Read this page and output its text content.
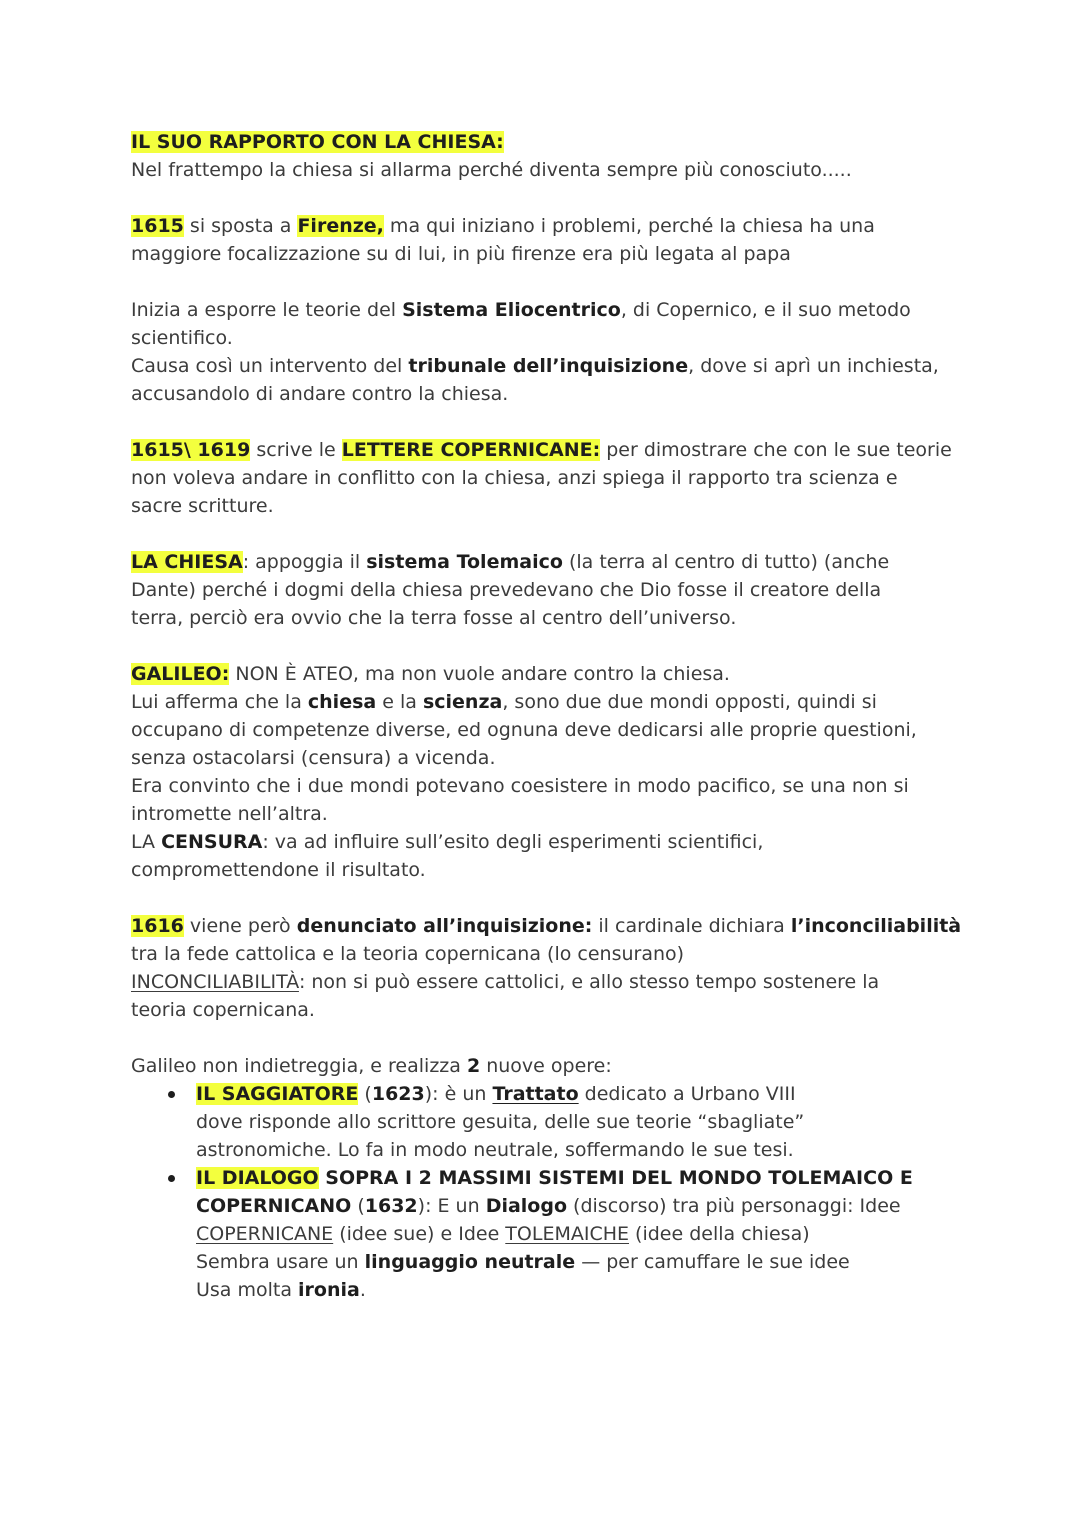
IL SUO RAPPORTO CON LA CHIESA:
Nel frattempo la chiesa si allarma perché diventa sempre più conosciuto.....
1615 si sposta a Firenze, ma qui iniziano i problemi, perché la chiesa ha una
maggiore focalizzazione su di lui, in più firenze era più legata al papa
Inizia a esporre le teorie del Sistema Eliocentrico, di Copernico, e il suo metodo
scientifico.
Causa così un intervento del tribunale dell’inquisizione, dove si aprì un inchiesta,
accusandolo di andare contro la chiesa.
1615\ 1619 scrive le LETTERE COPERNICANE: per dimostrare che con le sue teorie
non voleva andare in conflitto con la chiesa, anzi spiega il rapporto tra scienza e
sacre scritture.
LA CHIESA: appoggia il sistema Tolemaico (la terra al centro di tutto) (anche
Dante) perché i dogmi della chiesa prevedevano che Dio fosse il creatore della
terra, perciò era ovvio che la terra fosse al centro dell’universo.
GALILEO: NON È ATEO, ma non vuole andare contro la chiesa.
Lui afferma che la chiesa e la scienza, sono due due mondi opposti, quindi si
occupano di competenze diverse, ed ognuna deve dedicarsi alle proprie questioni,
senza ostacolarsi (censura) a vicenda.
Era convinto che i due mondi potevano coesistere in modo pacifico, se una non si
intromette nell’altra.
LA CENSURA: va ad influire sull’esito degli esperimenti scientifici,
compromettendone il risultato.
1616 viene però denunciato all’inquisizione: il cardinale dichiara l’inconciliabilità
tra la fede cattolica e la teoria copernicana (lo censurano)
INCONCILIABILITÀ: non si può essere cattolici, e allo stesso tempo sostenere la
teoria copernicana.
Galileo non indietreggia, e realizza 2 nuove opere:
IL SAGGIATORE (1623): è un Trattato dedicato a Urbano VIII
dove risponde allo scrittore gesuita, delle sue teorie “sbagliate”
astronomiche. Lo fa in modo neutrale, soffermando le sue tesi.
IL DIALOGO SOPRA I 2 MASSIMI SISTEMI DEL MONDO TOLEMAICO E
COPERNICANO (1632): E un Dialogo (discorso) tra più personaggi: Idee
COPERNICANE (idee sue) e Idee TOLEMAICHE (idee della chiesa)
Sembra usare un linguaggio neutrale — per camuffare le sue idee
Usa molta ironia.
